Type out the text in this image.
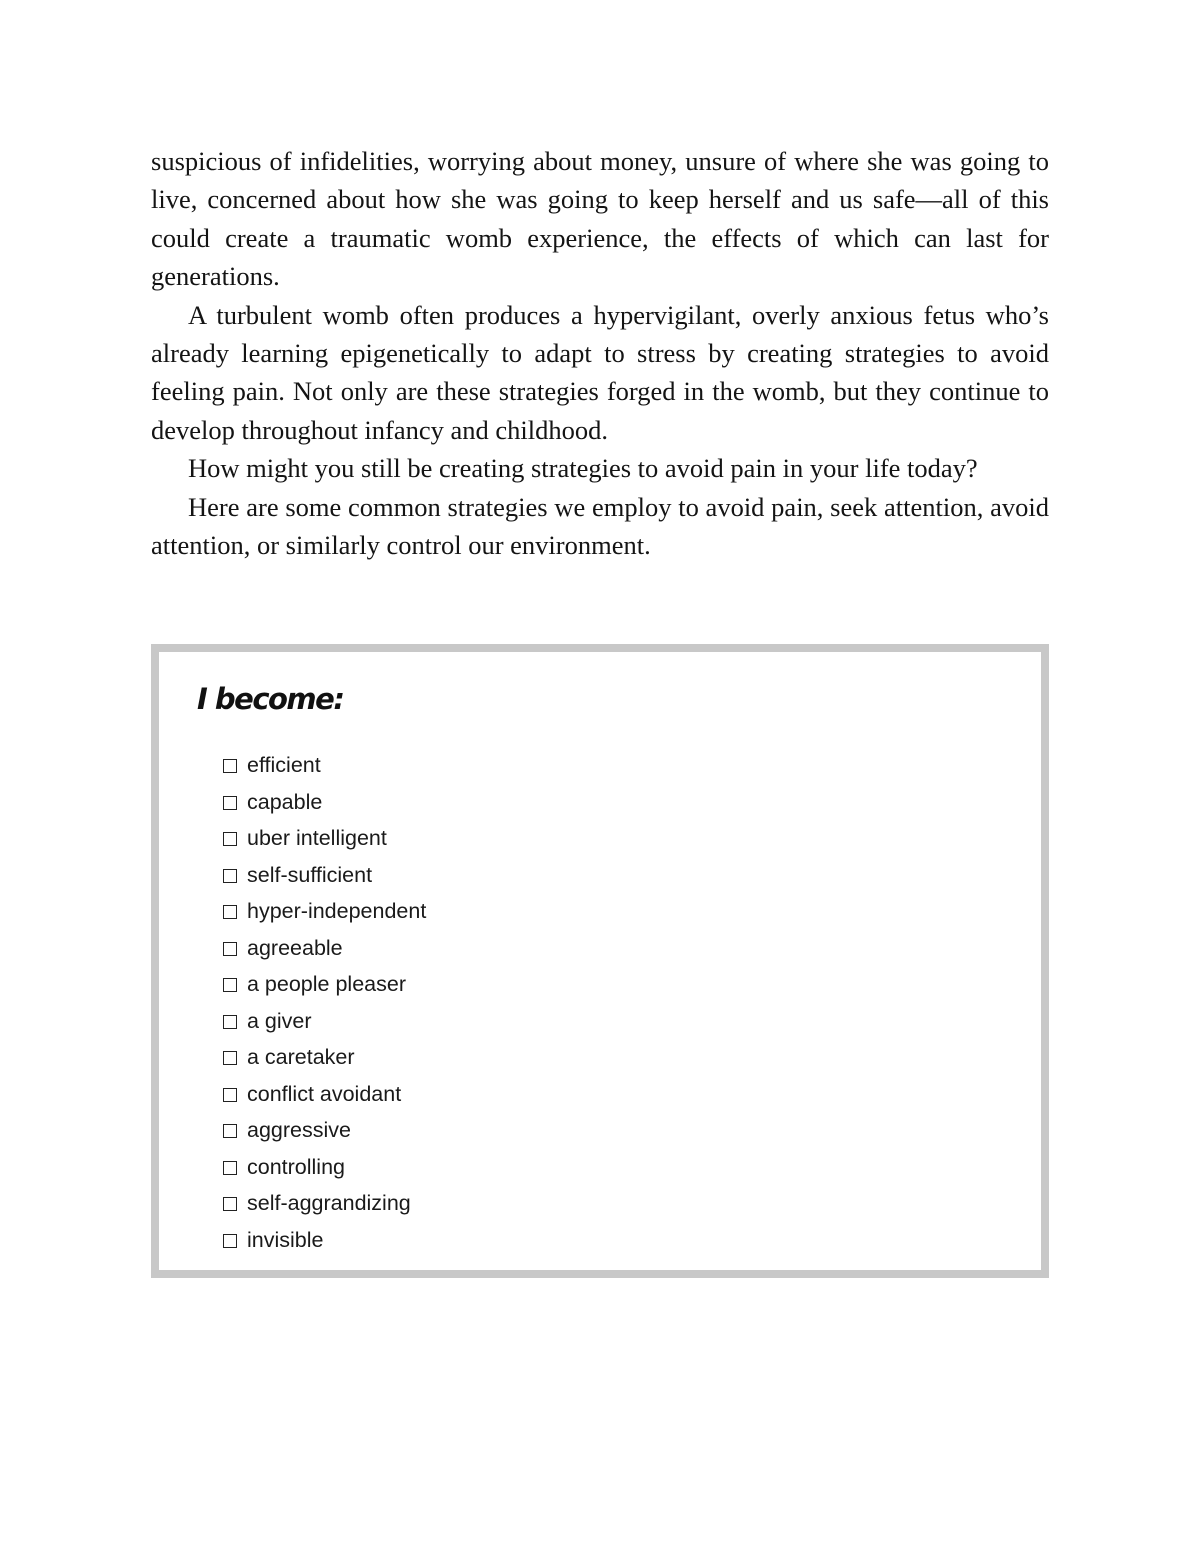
suspicious of infidelities, worrying about money, unsure of where she was going to live, concerned about how she was going to keep herself and us safe—all of this could create a traumatic womb experience, the effects of which can last for generations.

A turbulent womb often produces a hypervigilant, overly anxious fetus who’s already learning epigenetically to adapt to stress by creating strategies to avoid feeling pain. Not only are these strategies forged in the womb, but they continue to develop throughout infancy and childhood.

How might you still be creating strategies to avoid pain in your life today?

Here are some common strategies we employ to avoid pain, seek attention, avoid attention, or similarly control our environment.

I become:
efficient
capable
uber intelligent
self-sufficient
hyper-independent
agreeable
a people pleaser
a giver
a caretaker
conflict avoidant
aggressive
controlling
self-aggrandizing
invisible
